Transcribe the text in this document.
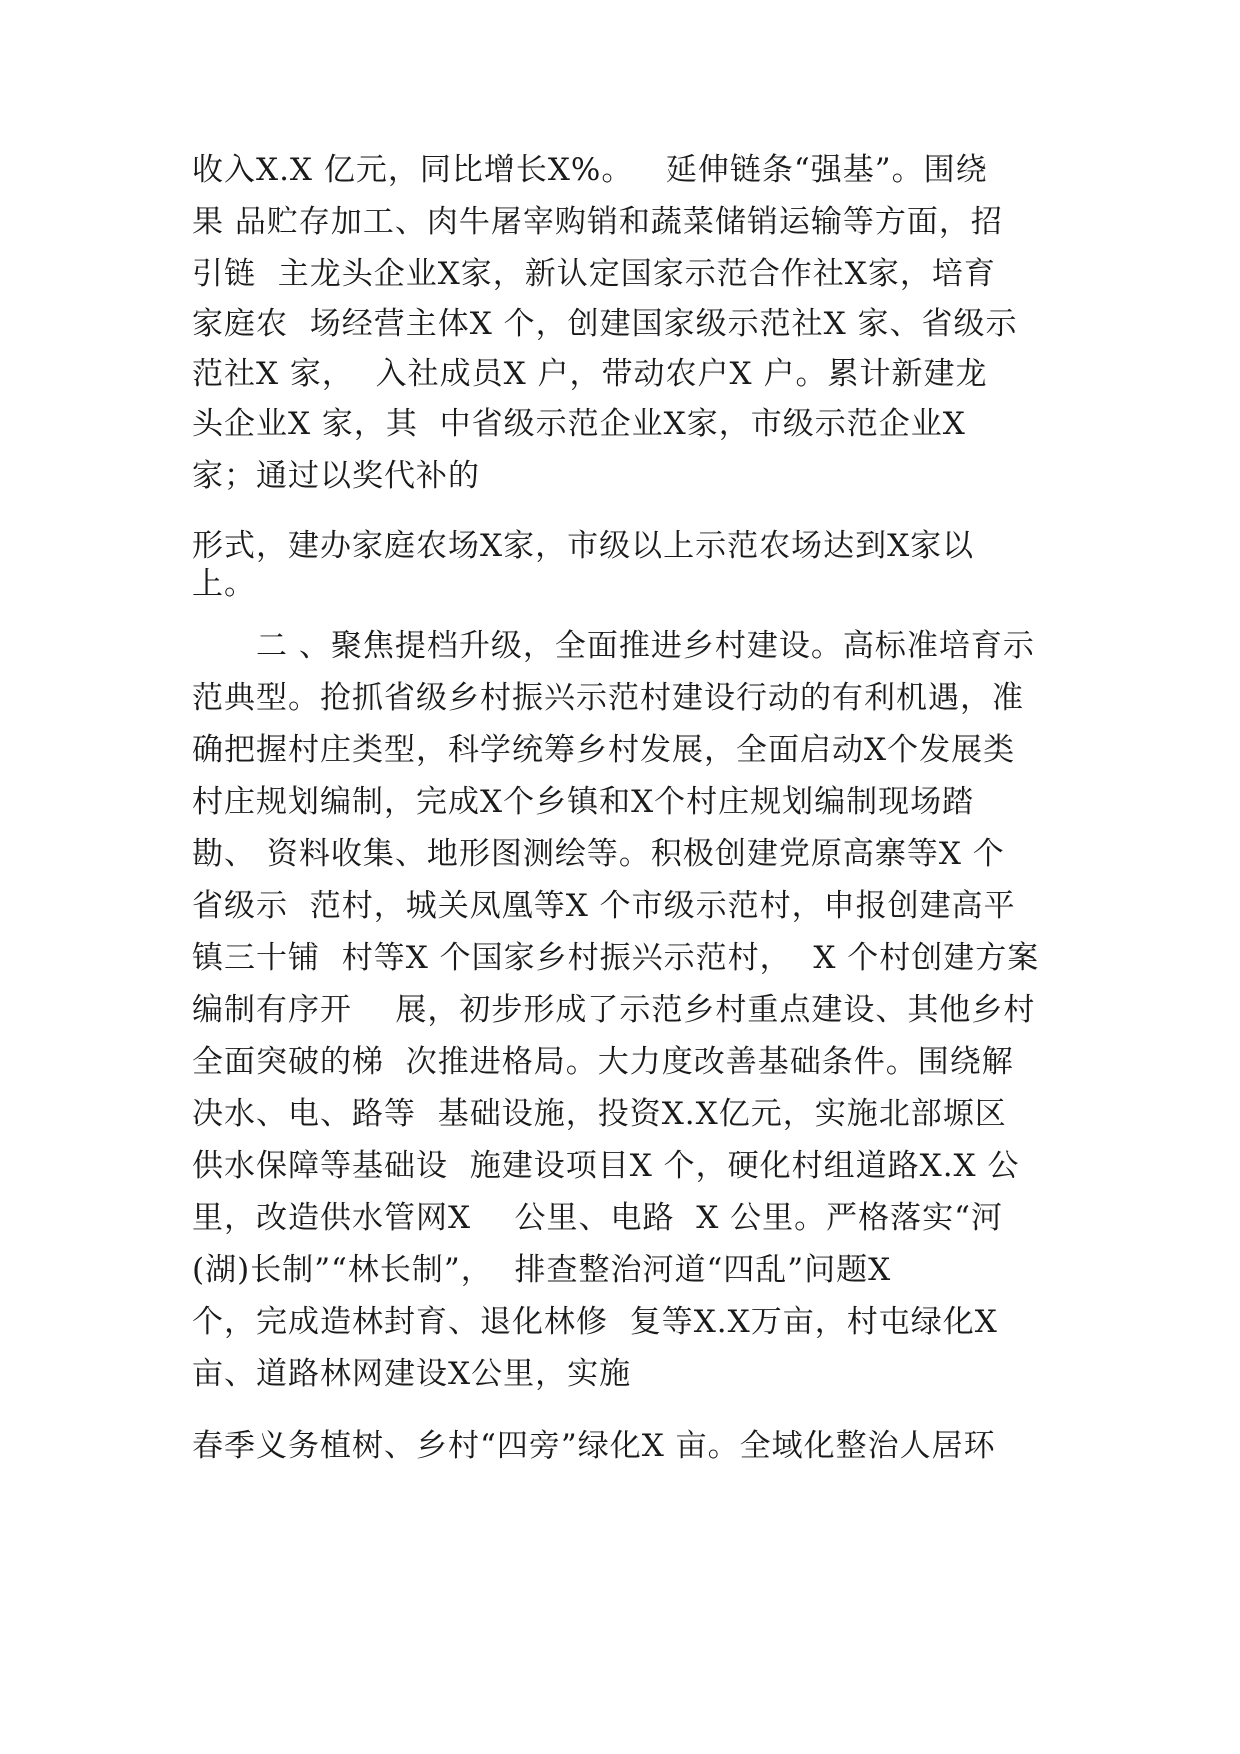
收入X.X 亿元，同比增长X%。   延伸链条“强基”。围绕

果 品贮存加工、肉牛屠宰购销和蔬菜储销运输等方面，招

引链  主龙头企业X家，新认定国家示范合作社X家，培育

家庭农  场经营主体X 个，创建国家级示范社X 家、省级示

范社X 家，  入社成员X 户，带动农户X 户。累计新建龙

头企业X 家，其  中省级示范企业X家，市级示范企业X

家；通过以奖代补的

形式，建办家庭农场X家，市级以上示范农场达到X家以

上。

二 、聚焦提档升级，全面推进乡村建设。高标准培育示

范典型。抢抓省级乡村振兴示范村建设行动的有利机遇，准

确把握村庄类型，科学统筹乡村发展，全面启动X个发展类

村庄规划编制，完成X个乡镇和X个村庄规划编制现场踏

勘、 资料收集、地形图测绘等。积极创建党原高寨等X 个

省级示  范村，城关凤凰等X 个市级示范村，申报创建高平

镇三十铺  村等X 个国家乡村振兴示范村，  X 个村创建方案

编制有序开    展，初步形成了示范乡村重点建设、其他乡村

全面突破的梯  次推进格局。大力度改善基础条件。围绕解

决水、电、路等  基础设施，投资X.X亿元，实施北部塬区

供水保障等基础设  施建设项目X 个，硬化村组道路X.X 公

里，改造供水管网X    公里、电路  X 公里。严格落实“河

(湖)长制”“林长制”，  排查整治河道“四乱”问题X

个，完成造林封育、退化林修  复等X.X万亩，村屯绿化X

亩、道路林网建设X公里，实施

春季义务植树、乡村“四旁”绿化X 亩。全域化整治人居环
